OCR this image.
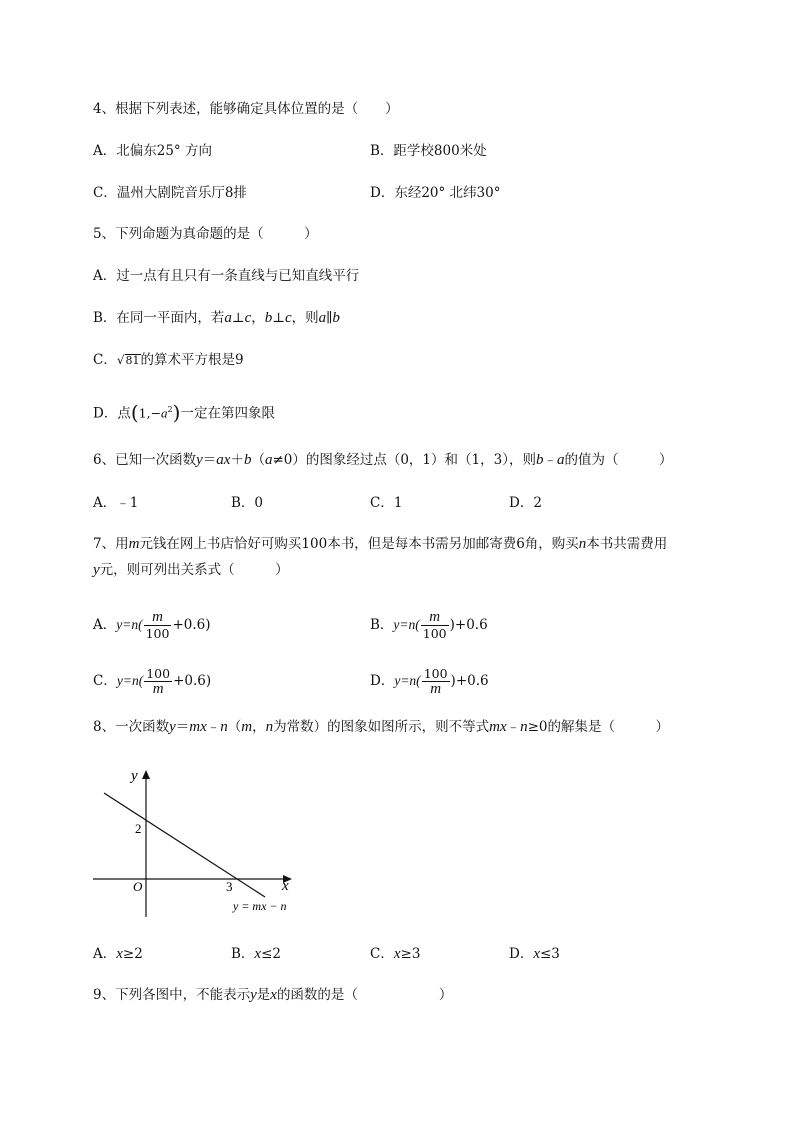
4、根据下列表述，能够确定具体位置的是（　　）
A．北偏东25° 方向	B．距学校800米处
C．温州大剧院音乐厅8排	D．东经20° 北纬30°
5、下列命题为真命题的是（　　　）
A．过一点有且只有一条直线与已知直线平行
B．在同一平面内，若a⊥c，b⊥c，则a∥b
C．√81的算术平方根是9
D．点$(1,-a^2)$一定在第四象限
6、已知一次函数y＝ax＋b（a≠0）的图象经过点（0，1）和（1，3），则b﹣a的值为（　　　）
A．﹣1	B．0	C．1	D．2
7、用m元钱在网上书店恰好可购买100本书，但是每本书需另加邮寄费6角，购买n本书共需费用
y元，则可列出关系式（　　　）
A．$y=n( \frac{m}{100} +0.6)$	B．$y=n( \frac{m}{100} )+0.6$
C．$y=n( \frac{100}{m} +0.6)$	D．$y=n( \frac{100}{m} )+0.6$
8、一次函数y＝mx﹣n（m，n为常数）的图象如图所示，则不等式mx﹣n≥0的解集是（　　　）
y
x
O
2
3
y = mx − n
A．x≥2	B．x≤2	C．x≥3	D．x≤3
9、下列各图中，不能表示y是x的函数的是（　　　　　　）
